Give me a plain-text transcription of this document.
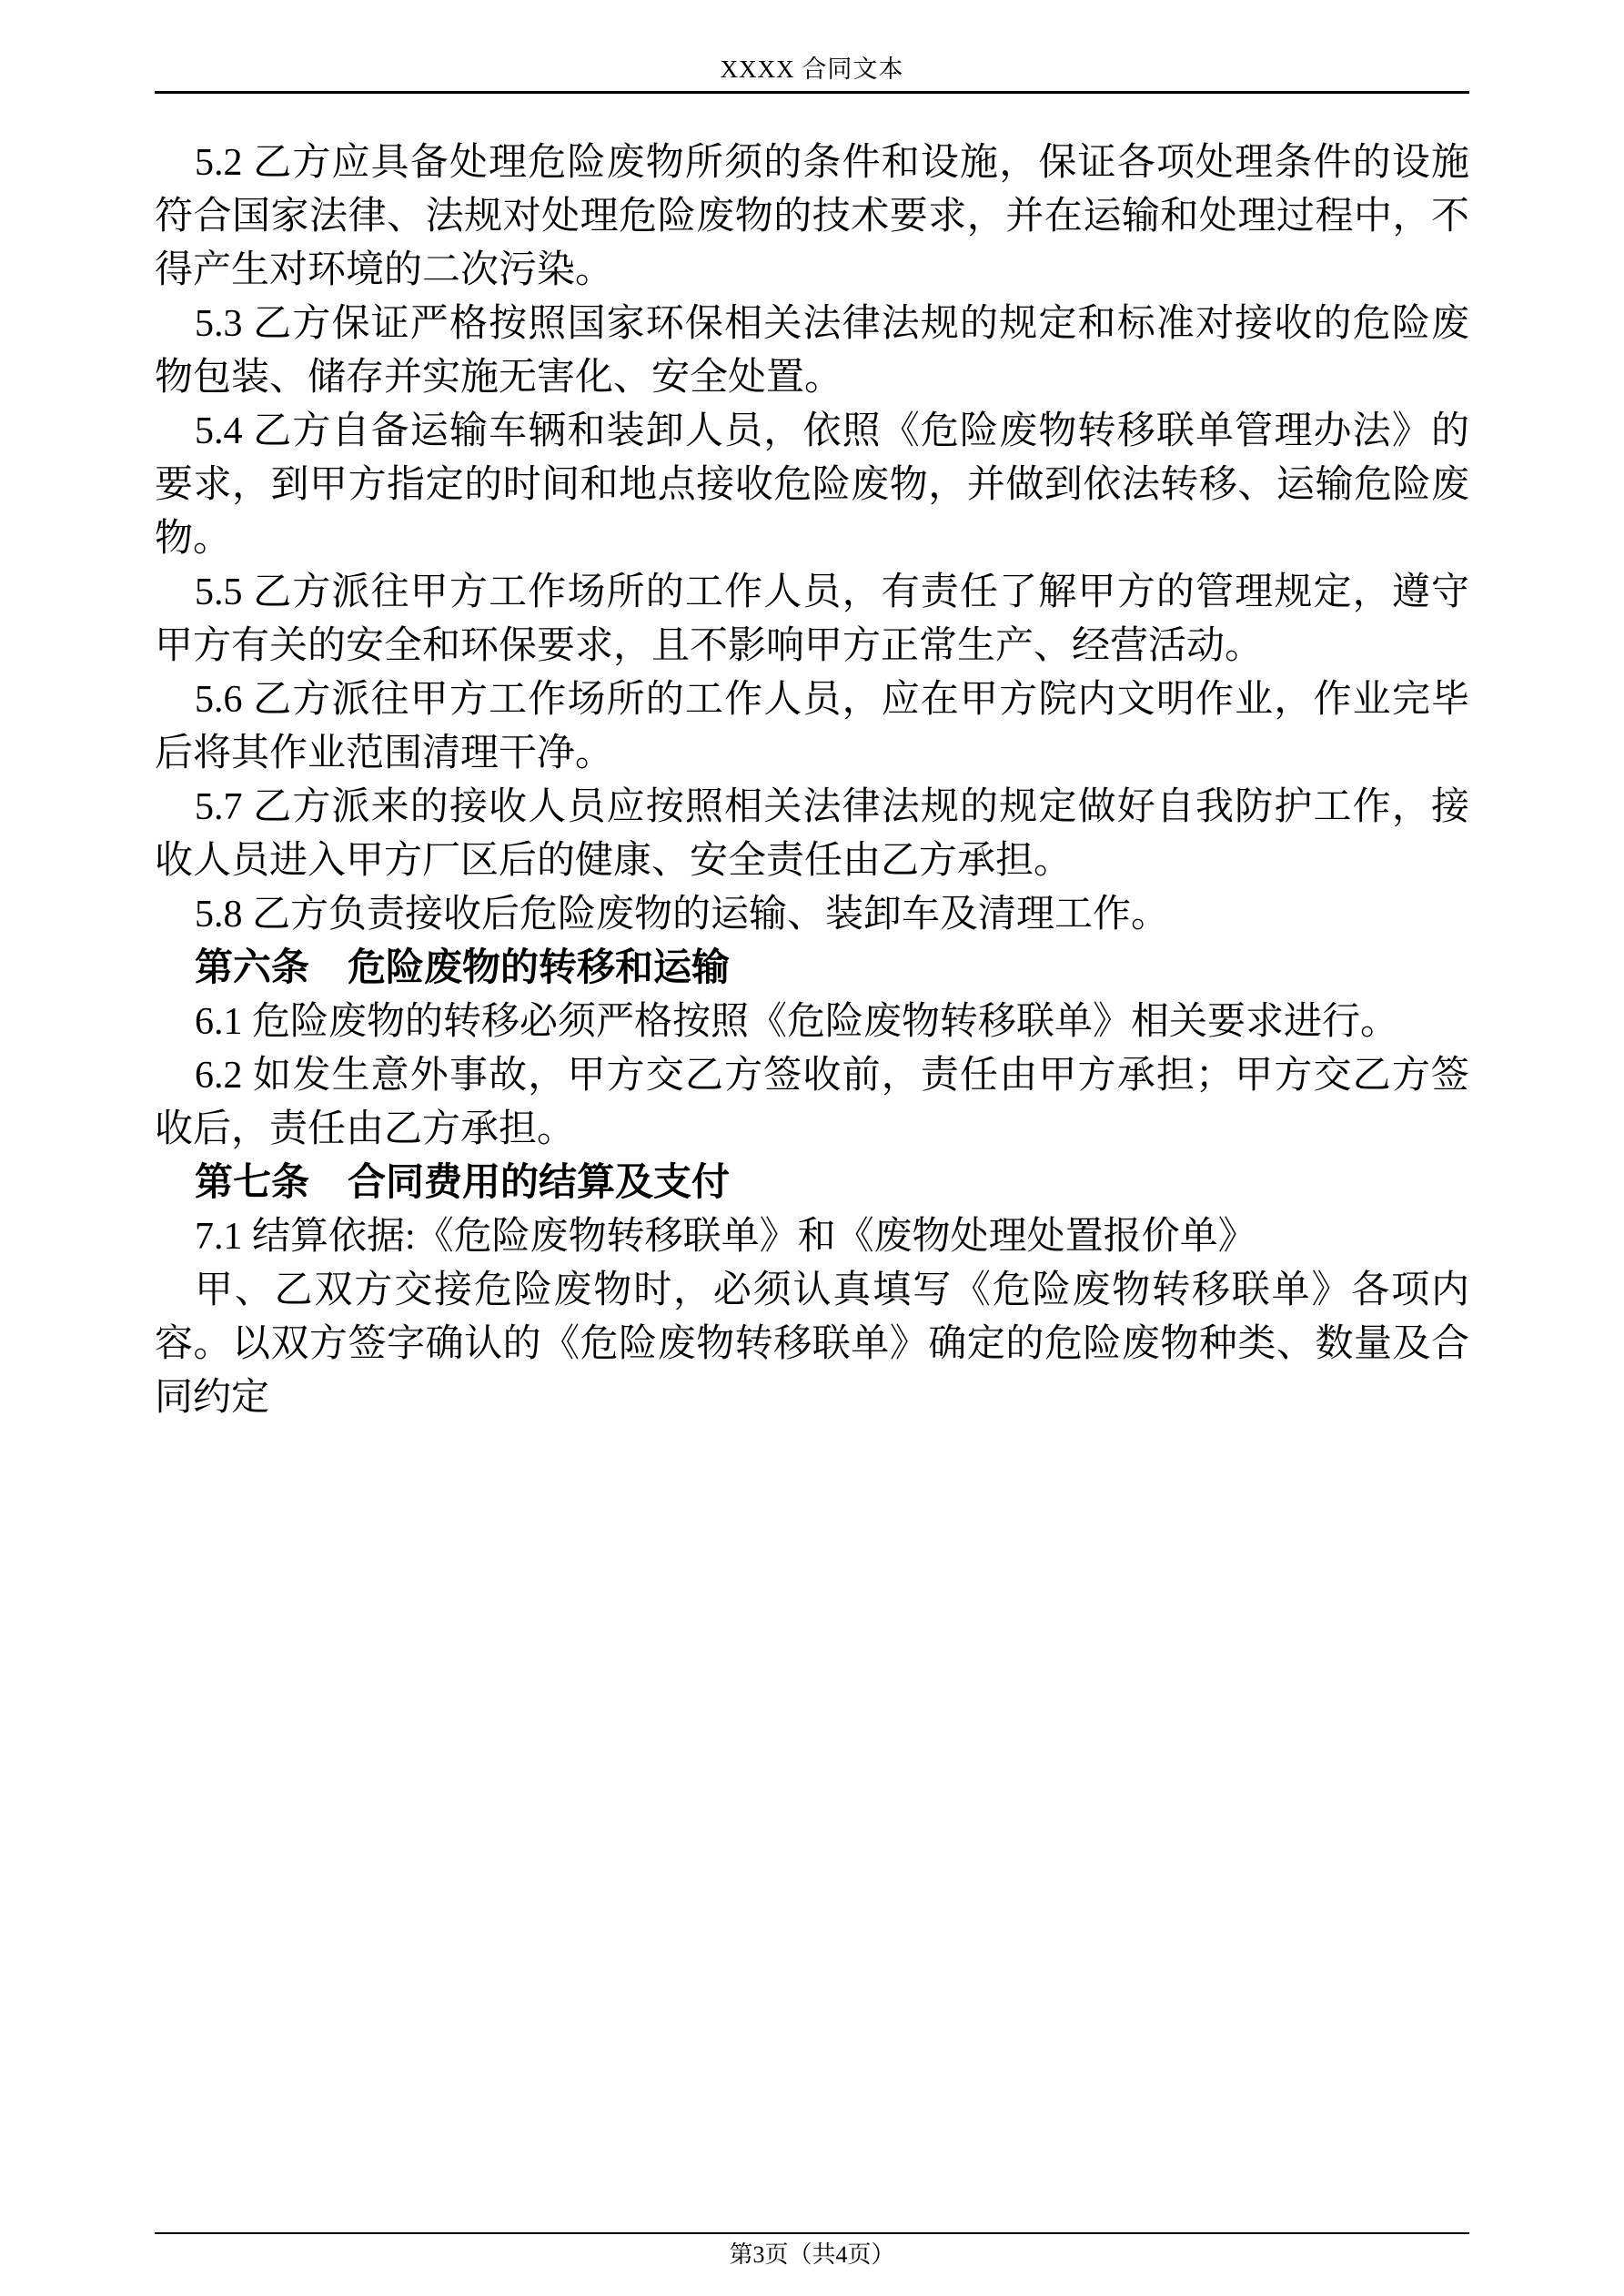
XXXX 合同文本

5.2 乙方应具备处理危险废物所须的条件和设施，保证各项处理条件的设施符合国家法律、法规对处理危险废物的技术要求，并在运输和处理过程中，不得产生对环境的二次污染。

5.3 乙方保证严格按照国家环保相关法律法规的规定和标准对接收的危险废物包装、储存并实施无害化、安全处置。

5.4 乙方自备运输车辆和装卸人员，依照《危险废物转移联单管理办法》的要求，到甲方指定的时间和地点接收危险废物，并做到依法转移、运输危险废物。

5.5 乙方派往甲方工作场所的工作人员，有责任了解甲方的管理规定，遵守甲方有关的安全和环保要求，且不影响甲方正常生产、经营活动。

5.6 乙方派往甲方工作场所的工作人员，应在甲方院内文明作业，作业完毕后将其作业范围清理干净。

5.7 乙方派来的接收人员应按照相关法律法规的规定做好自我防护工作，接收人员进入甲方厂区后的健康、安全责任由乙方承担。

5.8 乙方负责接收后危险废物的运输、装卸车及清理工作。

第六条　危险废物的转移和运输

6.1 危险废物的转移必须严格按照《危险废物转移联单》相关要求进行。

6.2 如发生意外事故，甲方交乙方签收前，责任由甲方承担；甲方交乙方签收后，责任由乙方承担。

第七条　合同费用的结算及支付

7.1 结算依据:《危险废物转移联单》和《废物处理处置报价单》

甲、乙双方交接危险废物时，必须认真填写《危险废物转移联单》各项内容。以双方签字确认的《危险废物转移联单》确定的危险废物种类、数量及合同约定

第3页（共4页）
